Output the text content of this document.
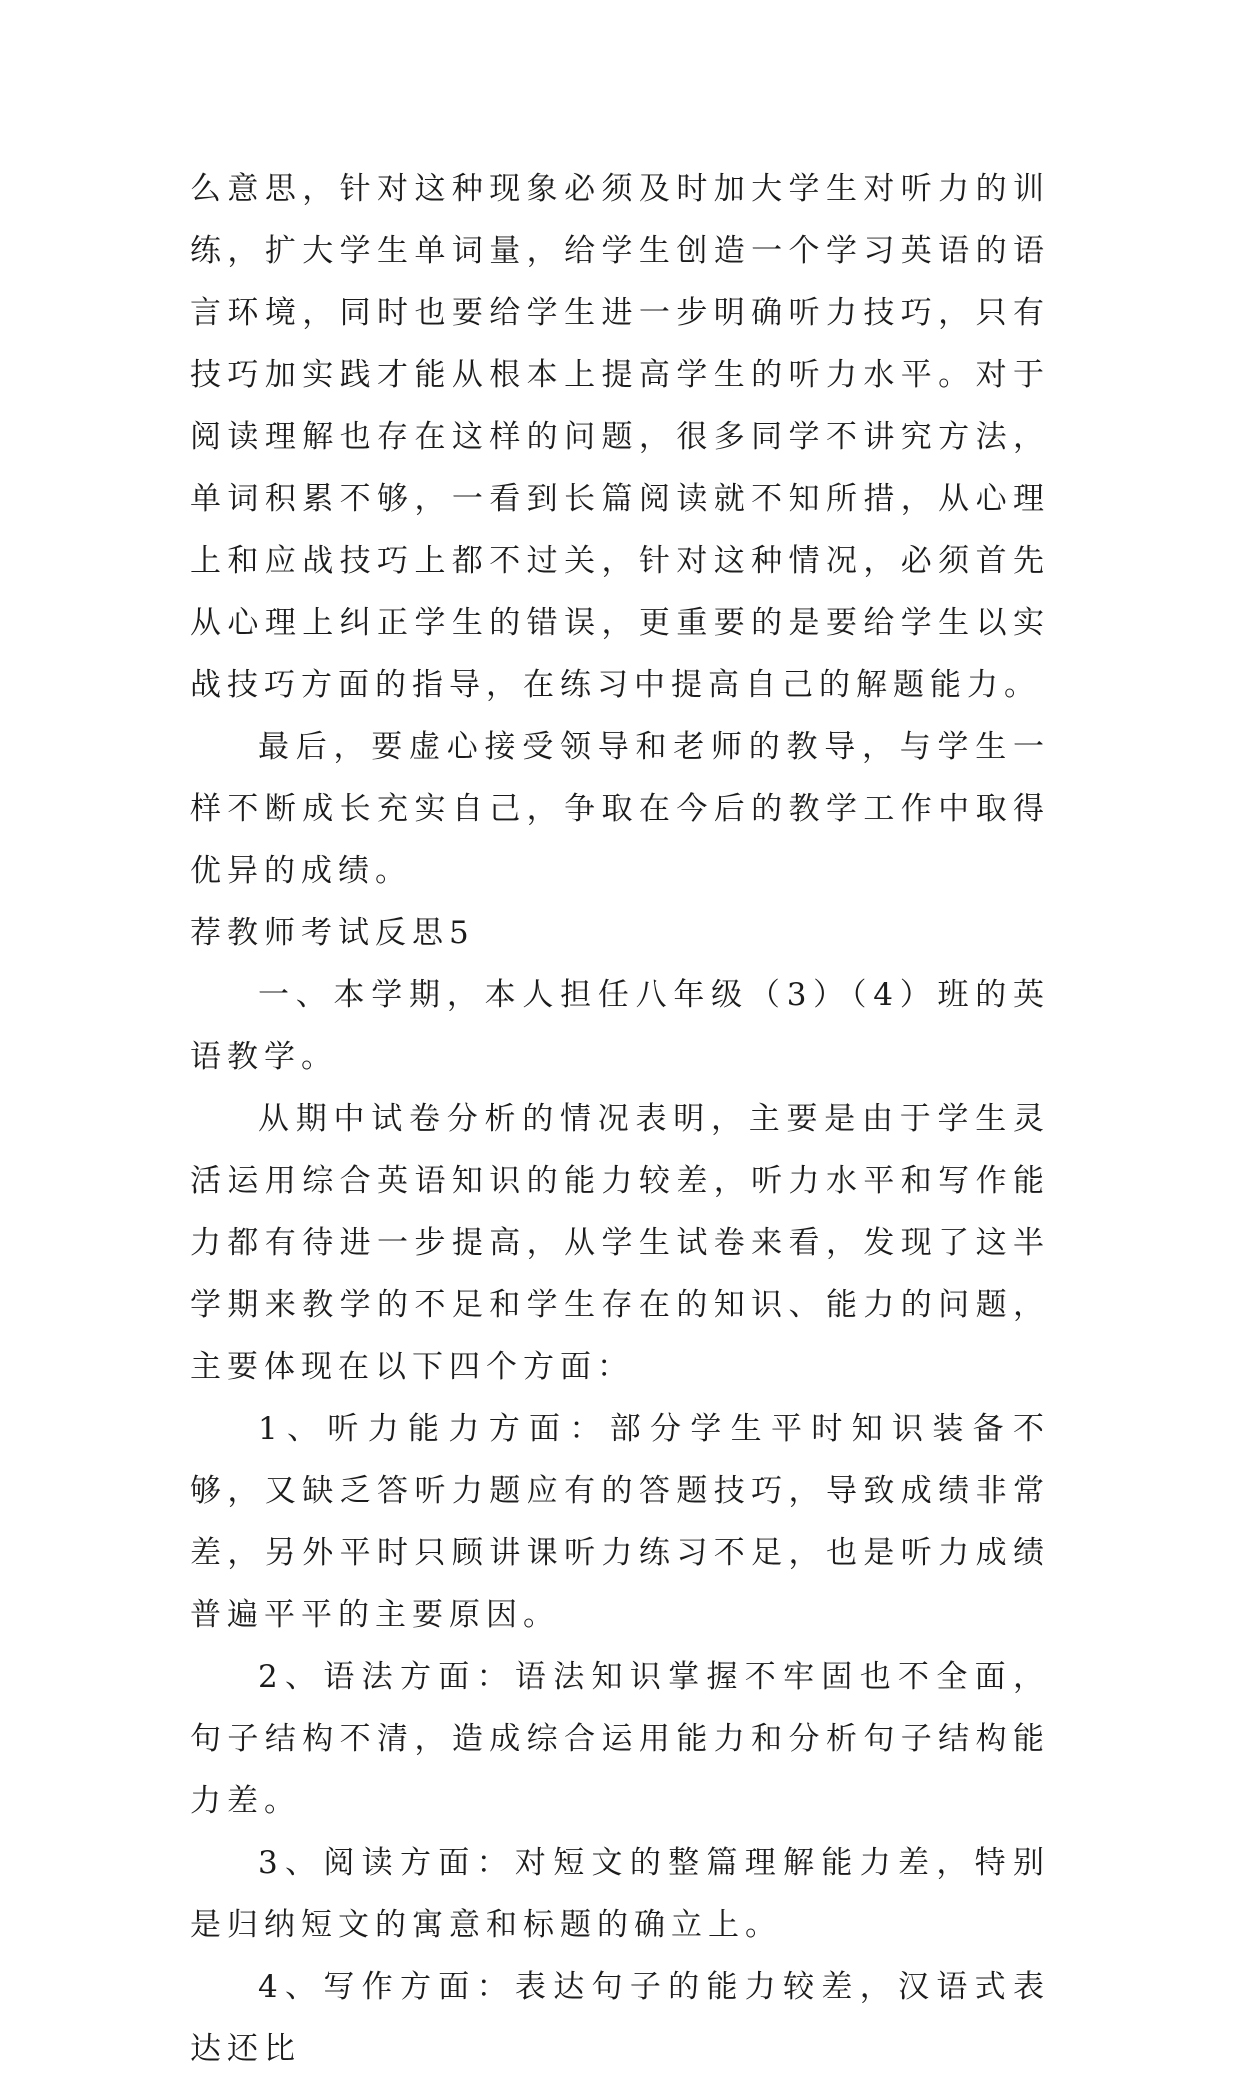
么意思，针对这种现象必须及时加大学生对听力的训练，扩大学生单词量，给学生创造一个学习英语的语言环境，同时也要给学生进一步明确听力技巧，只有技巧加实践才能从根本上提高学生的听力水平。对于阅读理解也存在这样的问题，很多同学不讲究方法，单词积累不够，一看到长篇阅读就不知所措，从心理上和应战技巧上都不过关，针对这种情况，必须首先从心理上纠正学生的错误，更重要的是要给学生以实战技巧方面的指导，在练习中提高自己的解题能力。

最后，要虚心接受领导和老师的教导，与学生一样不断成长充实自己，争取在今后的教学工作中取得优异的成绩。

荐教师考试反思5

一、本学期，本人担任八年级（3）（4）班的英语教学。

从期中试卷分析的情况表明，主要是由于学生灵活运用综合英语知识的能力较差，听力水平和写作能力都有待进一步提高，从学生试卷来看，发现了这半学期来教学的不足和学生存在的知识、能力的问题，主要体现在以下四个方面：

1、听力能力方面：部分学生平时知识装备不够，又缺乏答听力题应有的答题技巧，导致成绩非常差，另外平时只顾讲课听力练习不足，也是听力成绩普遍平平的主要原因。

2、语法方面：语法知识掌握不牢固也不全面，句子结构不清，造成综合运用能力和分析句子结构能力差。

3、阅读方面：对短文的整篇理解能力差，特别是归纳短文的寓意和标题的确立上。

4、写作方面：表达句子的能力较差，汉语式表达还比
